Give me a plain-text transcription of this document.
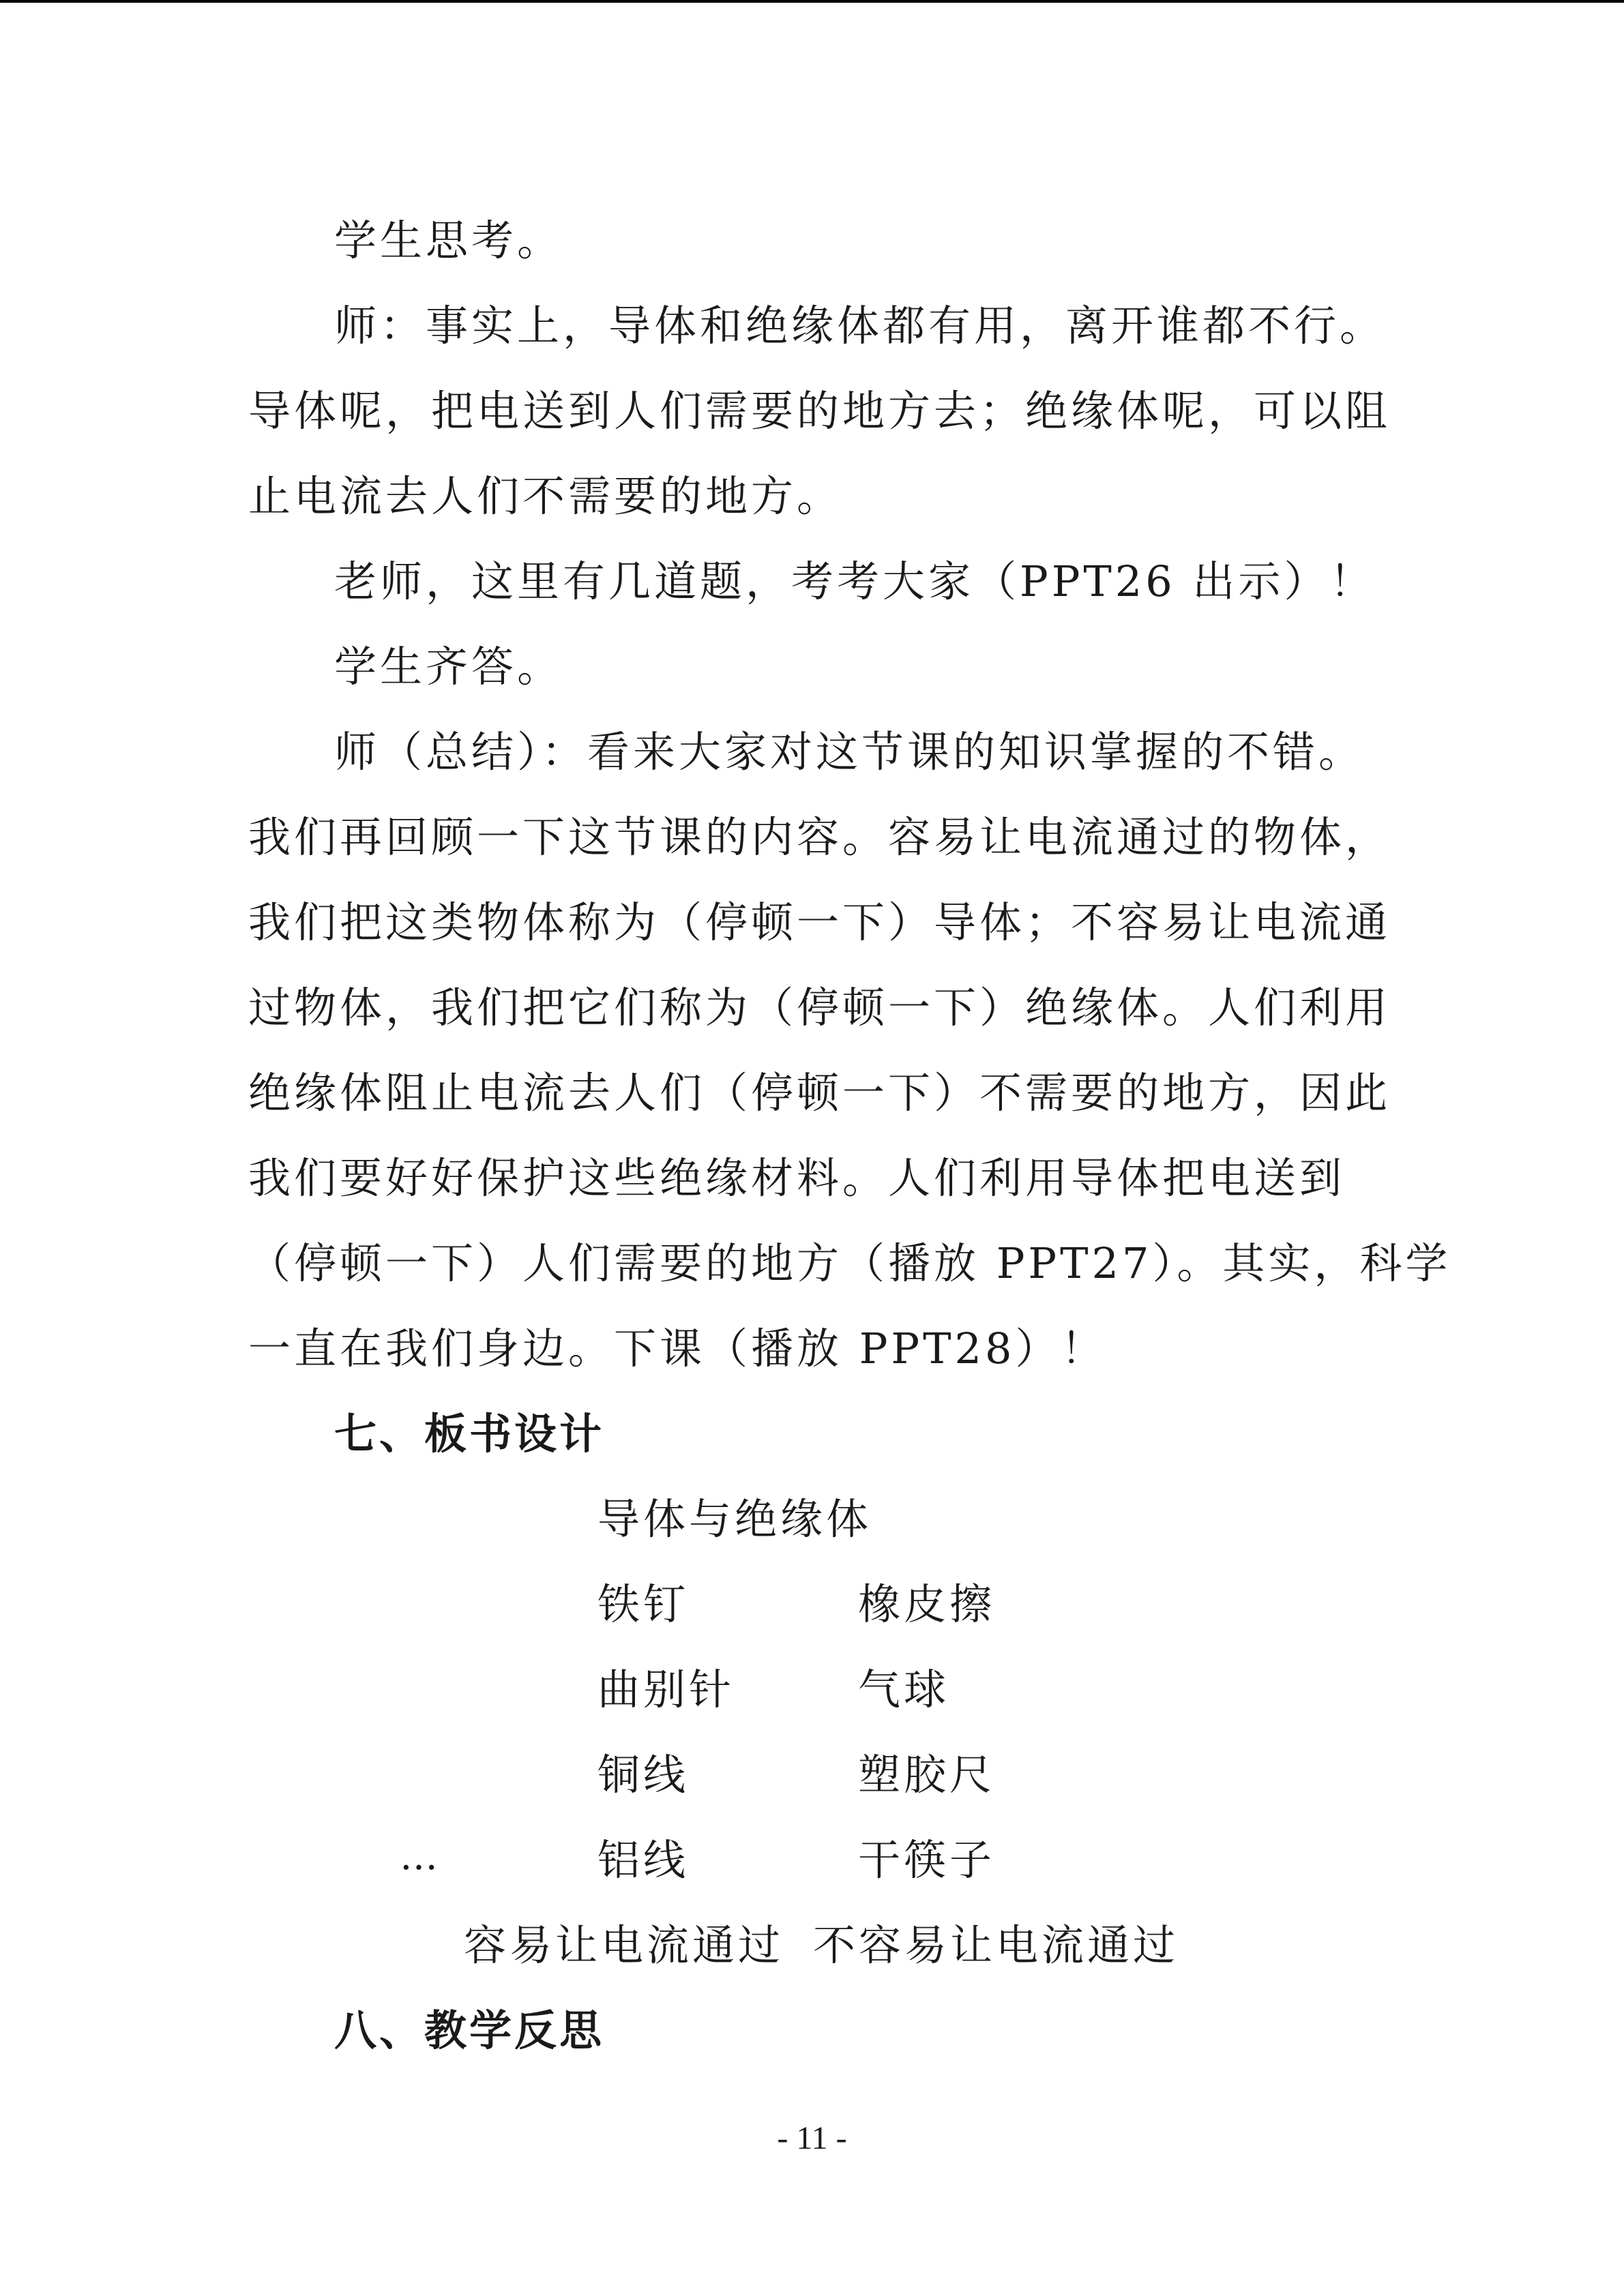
学生思考。
师：事实上，导体和绝缘体都有用，离开谁都不行。
导体呢，把电送到人们需要的地方去；绝缘体呢，可以阻
止电流去人们不需要的地方。
老师，这里有几道题，考考大家（PPT26 出示）！
学生齐答。
师（总结）：看来大家对这节课的知识掌握的不错。
我们再回顾一下这节课的内容。容易让电流通过的物体，
我们把这类物体称为（停顿一下）导体；不容易让电流通
过物体，我们把它们称为（停顿一下）绝缘体。人们利用
绝缘体阻止电流去人们（停顿一下）不需要的地方，因此
我们要好好保护这些绝缘材料。人们利用导体把电送到
（停顿一下）人们需要的地方（播放 PPT27）。其实，科学
一直在我们身边。下课（播放 PPT28）！
七、板书设计
导体与绝缘体
铁钉	橡皮擦
曲别针	气球
铜线	塑胶尺
…	铝线	干筷子
容易让电流通过 不容易让电流通过
八、教学反思
- 11 -
